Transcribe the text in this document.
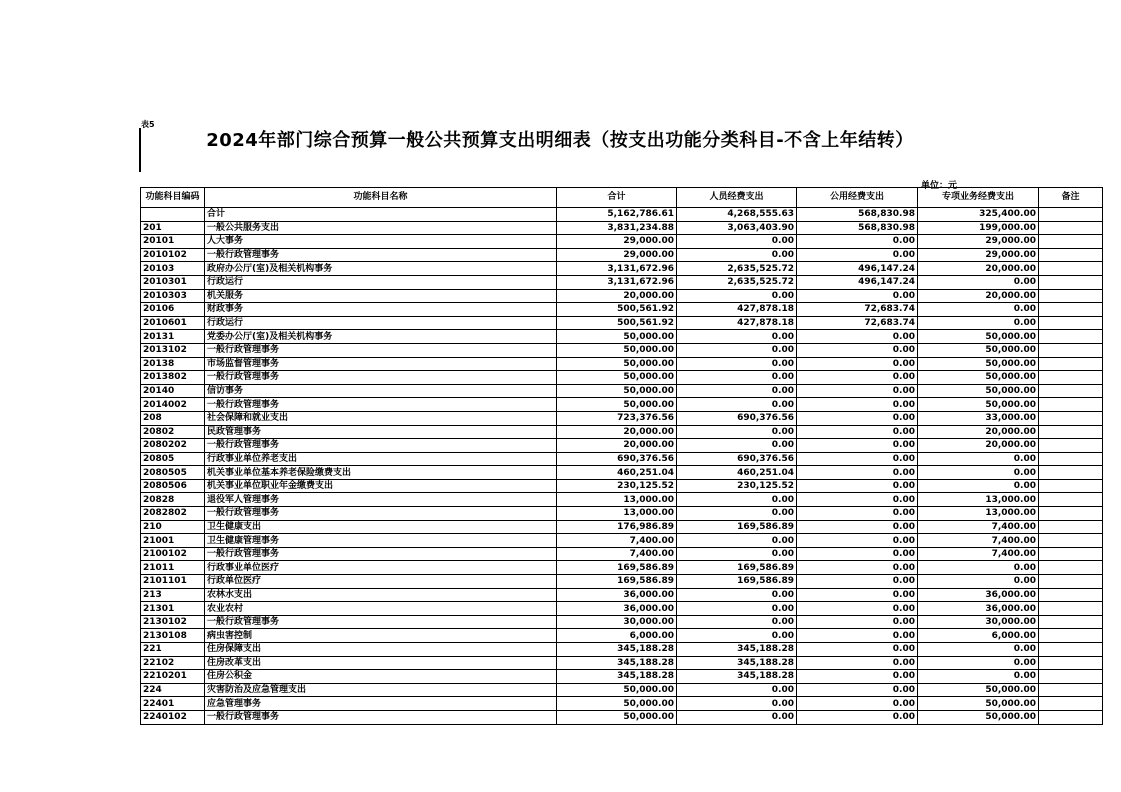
表5
2024年部门综合预算一般公共预算支出明细表（按支出功能分类科目-不含上年结转）
单位：元
功能科目编码	功能科目名称	合计	人员经费支出	公用经费支出	专项业务经费支出	备注
	合计	5,162,786.61	4,268,555.63	568,830.98	325,400.00	
201	一般公共服务支出	3,831,234.88	3,063,403.90	568,830.98	199,000.00	
20101	人大事务	29,000.00	0.00	0.00	29,000.00	
2010102	一般行政管理事务	29,000.00	0.00	0.00	29,000.00	
20103	政府办公厅(室)及相关机构事务	3,131,672.96	2,635,525.72	496,147.24	20,000.00	
2010301	行政运行	3,131,672.96	2,635,525.72	496,147.24	0.00	
2010303	机关服务	20,000.00	0.00	0.00	20,000.00	
20106	财政事务	500,561.92	427,878.18	72,683.74	0.00	
2010601	行政运行	500,561.92	427,878.18	72,683.74	0.00	
20131	党委办公厅(室)及相关机构事务	50,000.00	0.00	0.00	50,000.00	
2013102	一般行政管理事务	50,000.00	0.00	0.00	50,000.00	
20138	市场监督管理事务	50,000.00	0.00	0.00	50,000.00	
2013802	一般行政管理事务	50,000.00	0.00	0.00	50,000.00	
20140	信访事务	50,000.00	0.00	0.00	50,000.00	
2014002	一般行政管理事务	50,000.00	0.00	0.00	50,000.00	
208	社会保障和就业支出	723,376.56	690,376.56	0.00	33,000.00	
20802	民政管理事务	20,000.00	0.00	0.00	20,000.00	
2080202	一般行政管理事务	20,000.00	0.00	0.00	20,000.00	
20805	行政事业单位养老支出	690,376.56	690,376.56	0.00	0.00	
2080505	机关事业单位基本养老保险缴费支出	460,251.04	460,251.04	0.00	0.00	
2080506	机关事业单位职业年金缴费支出	230,125.52	230,125.52	0.00	0.00	
20828	退役军人管理事务	13,000.00	0.00	0.00	13,000.00	
2082802	一般行政管理事务	13,000.00	0.00	0.00	13,000.00	
210	卫生健康支出	176,986.89	169,586.89	0.00	7,400.00	
21001	卫生健康管理事务	7,400.00	0.00	0.00	7,400.00	
2100102	一般行政管理事务	7,400.00	0.00	0.00	7,400.00	
21011	行政事业单位医疗	169,586.89	169,586.89	0.00	0.00	
2101101	行政单位医疗	169,586.89	169,586.89	0.00	0.00	
213	农林水支出	36,000.00	0.00	0.00	36,000.00	
21301	农业农村	36,000.00	0.00	0.00	36,000.00	
2130102	一般行政管理事务	30,000.00	0.00	0.00	30,000.00	
2130108	病虫害控制	6,000.00	0.00	0.00	6,000.00	
221	住房保障支出	345,188.28	345,188.28	0.00	0.00	
22102	住房改革支出	345,188.28	345,188.28	0.00	0.00	
2210201	住房公积金	345,188.28	345,188.28	0.00	0.00	
224	灾害防治及应急管理支出	50,000.00	0.00	0.00	50,000.00	
22401	应急管理事务	50,000.00	0.00	0.00	50,000.00	
2240102	一般行政管理事务	50,000.00	0.00	0.00	50,000.00	
